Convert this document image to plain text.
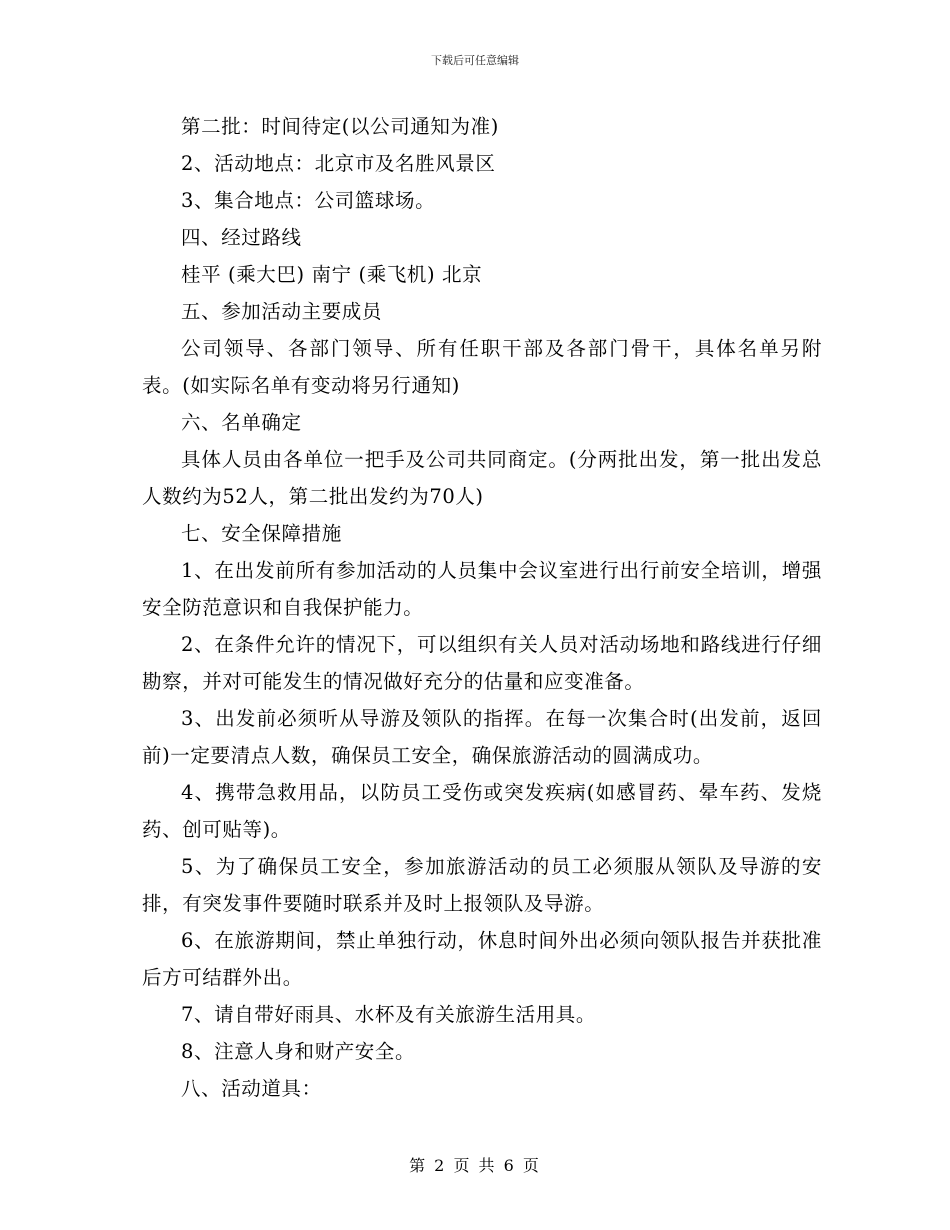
下载后可任意编辑

第二批：时间待定(以公司通知为准)

2、活动地点：北京市及名胜风景区

3、集合地点：公司篮球场。

四、经过路线

桂平 (乘大巴) 南宁 (乘飞机) 北京

五、参加活动主要成员

公司领导、各部门领导、所有任职干部及各部门骨干，具体名单另附表。(如实际名单有变动将另行通知)

六、名单确定

具体人员由各单位一把手及公司共同商定。(分两批出发，第一批出发总人数约为52人，第二批出发约为70人)

七、安全保障措施

1、在出发前所有参加活动的人员集中会议室进行出行前安全培训，增强安全防范意识和自我保护能力。

2、在条件允许的情况下，可以组织有关人员对活动场地和路线进行仔细勘察，并对可能发生的情况做好充分的估量和应变准备。

3、出发前必须听从导游及领队的指挥。在每一次集合时(出发前，返回前)一定要清点人数，确保员工安全，确保旅游活动的圆满成功。

4、携带急救用品，以防员工受伤或突发疾病(如感冒药、晕车药、发烧药、创可贴等)。

5、为了确保员工安全，参加旅游活动的员工必须服从领队及导游的安排，有突发事件要随时联系并及时上报领队及导游。

6、在旅游期间，禁止单独行动，休息时间外出必须向领队报告并获批准后方可结群外出。

7、请自带好雨具、水杯及有关旅游生活用具。

8、注意人身和财产安全。

八、活动道具：

第 2 页 共 6 页
